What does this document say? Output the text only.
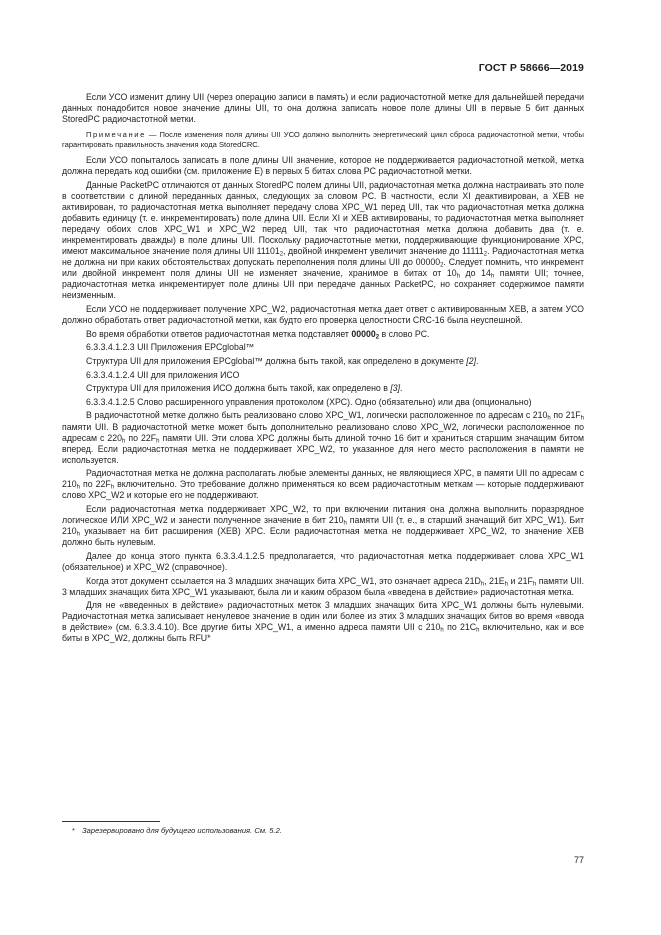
ГОСТ Р 58666—2019

Если УСО изменит длину UII (через операцию записи в память) и если радиочастотной метке для дальнейшей передачи данных понадобится новое значение длины UII, то она должна записать новое поле длины UII в первые 5 бит данных StoredPC радиочастотной метки.

Примечание — После изменения поля длины UII УСО должно выполнить энергетический цикл сброса радиочастотной метки, чтобы гарантировать правильность значения кода StoredCRC.

Если УСО попыталось записать в поле длины UII значение, которое не поддерживается радиочастотной меткой, метка должна передать код ошибки (см. приложение Е) в первых 5 битах слова PC радиочастотной метки.

Данные PacketPC отличаются от данных StoredPC полем длины UII, радиочастотная метка должна настраивать это поле в соответствии с длиной переданных данных, следующих за словом PC. В частности, если XI деактивирован, а XEB не активирован, то радиочастотная метка выполняет передачу слова XPC_W1 перед UII, так что радиочастотная метка должна добавить единицу (т. е. инкрементировать) поле длина UII. Если XI и XEB активированы, то радиочастотная метка выполняет передачу обоих слов XPC_W1 и XPC_W2 перед UII, так что радиочастотная метка должна добавить два (т. е. инкрементировать дважды) в поле длины UII. Поскольку радиочастотные метки, поддерживающие функционирование XPC, имеют максимальное значение поля длины UII $11101_2$, двойной инкремент увеличит значение до $11111_2$. Радиочастотная метка не должна ни при каких обстоятельствах допускать переполнения поля длины UII до $00000_2$. Следует помнить, что инкремент или двойной инкремент поля длины UII не изменяет значение, хранимое в битах от $10_h$ до $14_h$ памяти UII; точнее, радиочастотная метка инкрементирует поле длины UII при передаче данных PacketPC, но сохраняет содержимое памяти неизменным.

Если УСО не поддерживает получение XPC_W2, радиочастотная метка дает ответ с активированным XEB, а затем УСО должно обработать ответ радиочастотной метки, как будто его проверка целостности CRC-16 была неуспешной.

Во время обработки ответов радиочастотная метка подставляет $00000_2$ в слово PC.

6.3.3.4.1.2.3 UII Приложения EPCglobal™

Структура UII для приложения EPCglobal™ должна быть такой, как определено в документе [2].

6.3.3.4.1.2.4 UII для приложения ИСО

Структура UII для приложения ИСО должна быть такой, как определено в [3].

6.3.3.4.1.2.5 Слово расширенного управления протоколом (XPC). Одно (обязательно) или два (опционально)

В радиочастотной метке должно быть реализовано слово XPC_W1, логически расположенное по адресам с $210_h$ по $21F_h$ памяти UII. В радиочастотной метке может быть дополнительно реализовано слово XPC_W2, логически расположенное по адресам с $220_h$ по $22F_h$ памяти UII. Эти слова XPC должны быть длиной точно 16 бит и храниться старшим значащим битом вперед. Если радиочастотная метка не поддерживает XPC_W2, то указанное для него место расположения в памяти не используется.

Радиочастотная метка не должна располагать любые элементы данных, не являющиеся XPC, в памяти UII по адресам с $210_h$ по $22F_h$ включительно. Это требование должно применяться ко всем радиочастотным меткам — которые поддерживают слово XPC_W2 и которые его не поддерживают.

Если радиочастотная метка поддерживает XPC_W2, то при включении питания она должна выполнить поразрядное логическое ИЛИ XPC_W2 и занести полученное значение в бит $210_h$ памяти UII (т. е., в старший значащий бит XPC_W1). Бит $210_h$ указывает на бит расширения (XEB) XPC. Если радиочастотная метка не поддерживает XPC_W2, то значение XEB должно быть нулевым.

Далее до конца этого пункта 6.3.3.4.1.2.5 предполагается, что радиочастотная метка поддерживает слова XPC_W1 (обязательное) и XPC_W2 (справочное).

Когда этот документ ссылается на 3 младших значащих бита XPC_W1, это означает адреса $21D_h$, $21E_h$ и $21F_h$ памяти UII. 3 младших значащих бита XPC_W1 указывают, была ли и каким образом была «введена в действие» радиочастотная метка.

Для не «введенных в действие» радиочастотных меток 3 младших значащих бита XPC_W1 должны быть нулевыми. Радиочастотная метка записывает ненулевое значение в один или более из этих 3 младших значащих битов во время «ввода в действие» (см. 6.3.3.4.10). Все другие биты XPC_W1, а именно адреса памяти UII с $210_h$ по $21C_h$ включительно, как и все биты в XPC_W2, должны быть RFU*

* Зарезервировано для будущего использования. См. 5.2.
77
